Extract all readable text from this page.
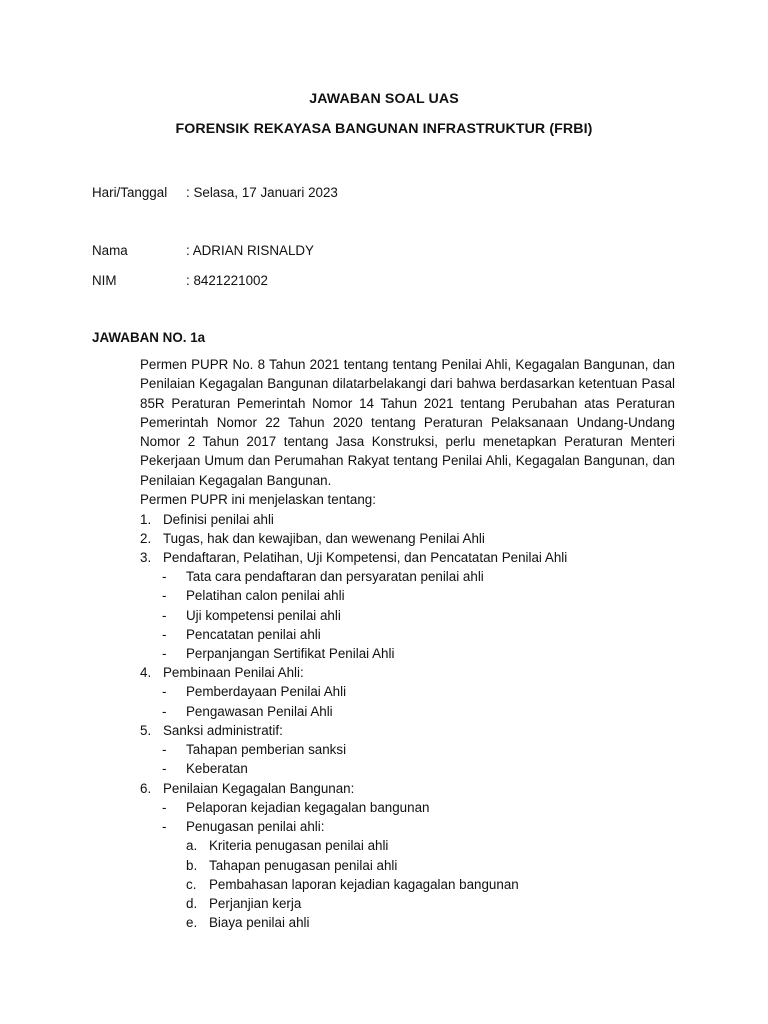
JAWABAN SOAL UAS
FORENSIK REKAYASA BANGUNAN INFRASTRUKTUR (FRBI)
Hari/Tanggal : Selasa, 17 Januari 2023
Nama	: ADRIAN RISNALDY
NIM	: 8421221002
JAWABAN NO. 1a

Permen PUPR No. 8 Tahun 2021 tentang tentang Penilai Ahli, Kegagalan Bangunan, dan Penilaian Kegagalan Bangunan dilatarbelakangi dari bahwa berdasarkan ketentuan Pasal 85R Peraturan Pemerintah Nomor 14 Tahun 2021 tentang Perubahan atas Peraturan Pemerintah Nomor 22 Tahun 2020 tentang Peraturan Pelaksanaan Undang-Undang Nomor 2 Tahun 2017 tentang Jasa Konstruksi, perlu menetapkan Peraturan Menteri Pekerjaan Umum dan Perumahan Rakyat tentang Penilai Ahli, Kegagalan Bangunan, dan Penilaian Kegagalan Bangunan.

Permen PUPR ini menjelaskan tentang:
1. Definisi penilai ahli
2. Tugas, hak dan kewajiban, dan wewenang Penilai Ahli
3. Pendaftaran, Pelatihan, Uji Kompetensi, dan Pencatatan Penilai Ahli
- Tata cara pendaftaran dan persyaratan penilai ahli
- Pelatihan calon penilai ahli
- Uji kompetensi penilai ahli
- Pencatatan penilai ahli
- Perpanjangan Sertifikat Penilai Ahli
4. Pembinaan Penilai Ahli:
- Pemberdayaan Penilai Ahli
- Pengawasan Penilai Ahli
5. Sanksi administratif:
- Tahapan pemberian sanksi
- Keberatan
6. Penilaian Kegagalan Bangunan:
- Pelaporan kejadian kegagalan bangunan
- Penugasan penilai ahli:
a. Kriteria penugasan penilai ahli
b. Tahapan penugasan penilai ahli
c. Pembahasan laporan kejadian kagagalan bangunan
d. Perjanjian kerja
e. Biaya penilai ahli
